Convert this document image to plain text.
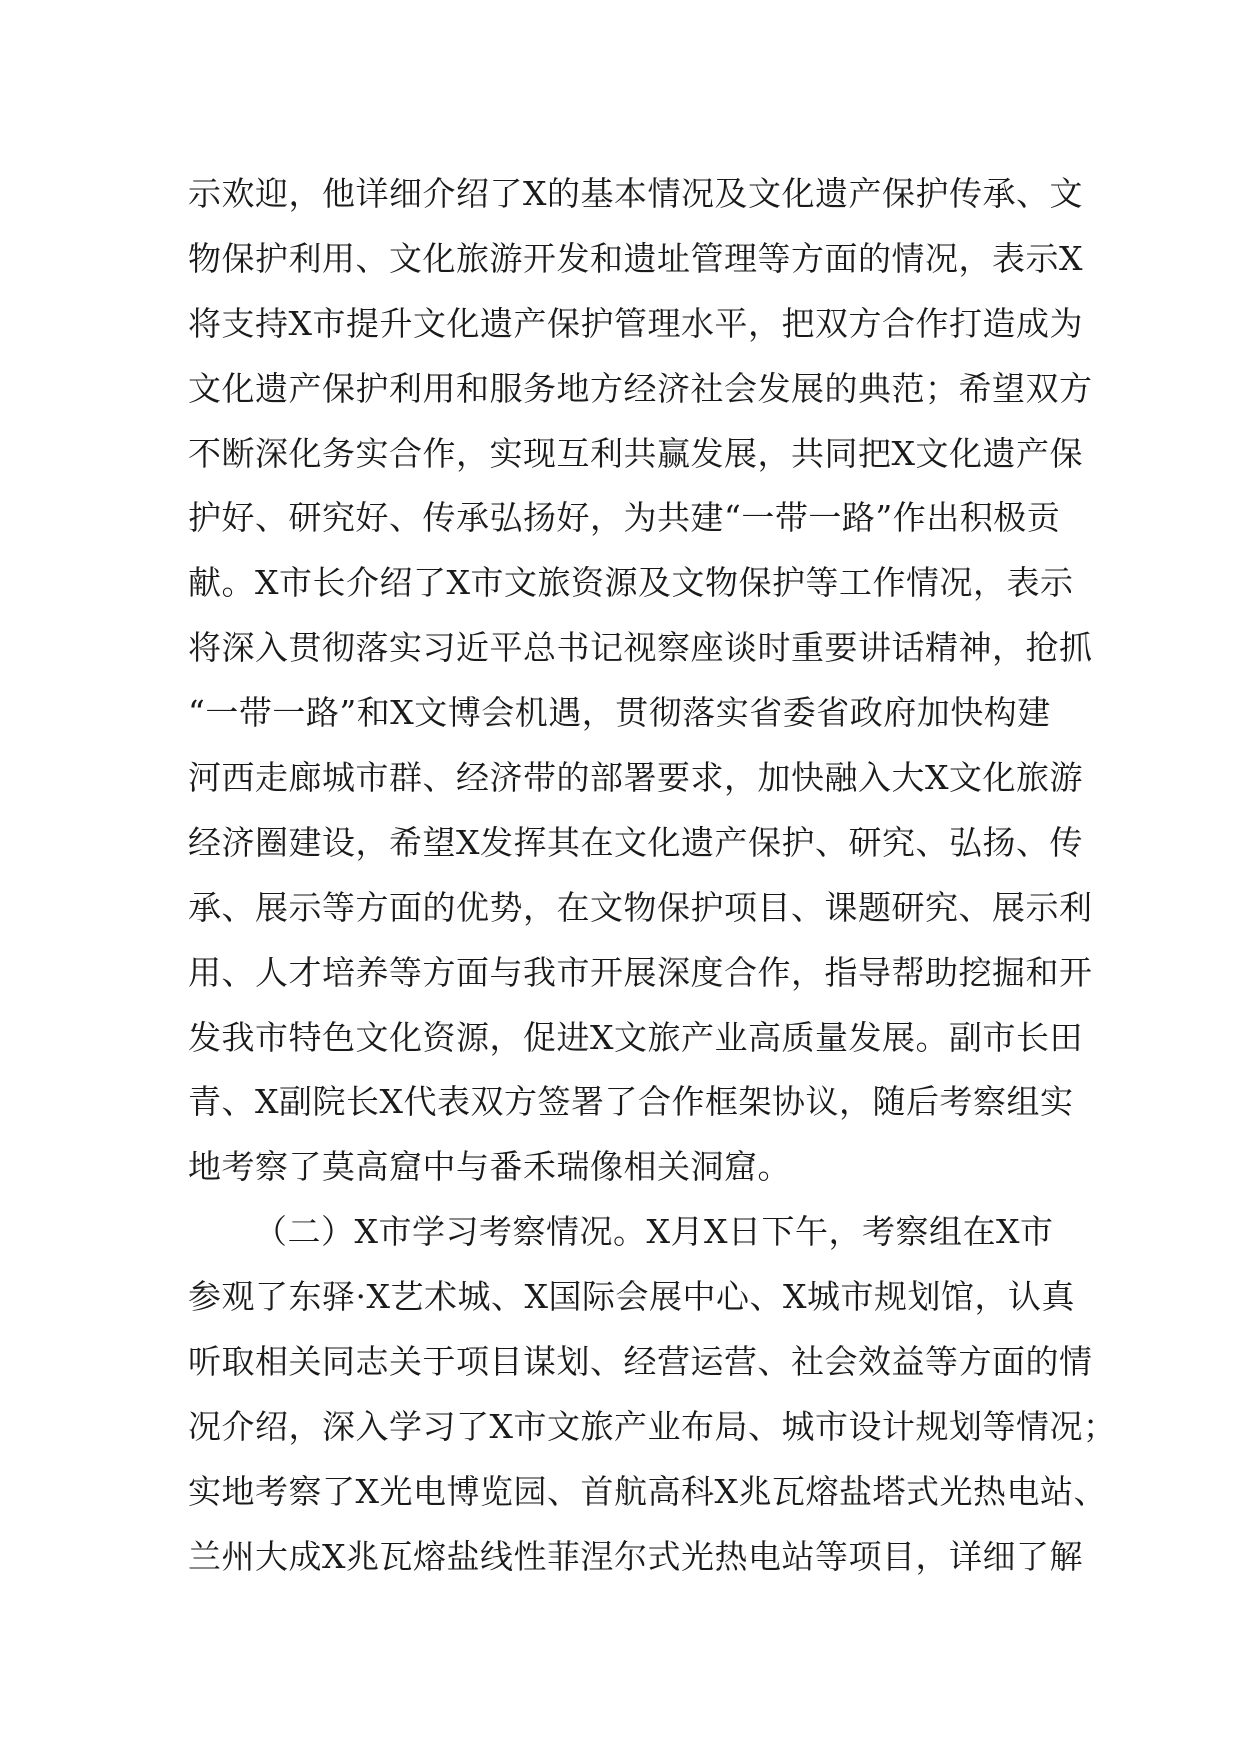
示欢迎，他详细介绍了X的基本情况及文化遗产保护传承、文
物保护利用、文化旅游开发和遗址管理等方面的情况，表示X
将支持X市提升文化遗产保护管理水平，把双方合作打造成为
文化遗产保护利用和服务地方经济社会发展的典范；希望双方
不断深化务实合作，实现互利共赢发展，共同把X文化遗产保
护好、研究好、传承弘扬好，为共建“一带一路”作出积极贡
献。X市长介绍了X市文旅资源及文物保护等工作情况，表示
将深入贯彻落实习近平总书记视察座谈时重要讲话精神，抢抓
“一带一路”和X文博会机遇，贯彻落实省委省政府加快构建
河西走廊城市群、经济带的部署要求，加快融入大X文化旅游
经济圈建设，希望X发挥其在文化遗产保护、研究、弘扬、传
承、展示等方面的优势，在文物保护项目、课题研究、展示利
用、人才培养等方面与我市开展深度合作，指导帮助挖掘和开
发我市特色文化资源，促进X文旅产业高质量发展。副市长田
青、X副院长X代表双方签署了合作框架协议，随后考察组实
地考察了莫高窟中与番禾瑞像相关洞窟。
（二）X市学习考察情况。X月X日下午，考察组在X市
参观了东驿·X艺术城、X国际会展中心、X城市规划馆，认真
听取相关同志关于项目谋划、经营运营、社会效益等方面的情
况介绍，深入学习了X市文旅产业布局、城市设计规划等情况；
实地考察了X光电博览园、首航高科X兆瓦熔盐塔式光热电站、
兰州大成X兆瓦熔盐线性菲涅尔式光热电站等项目，详细了解
